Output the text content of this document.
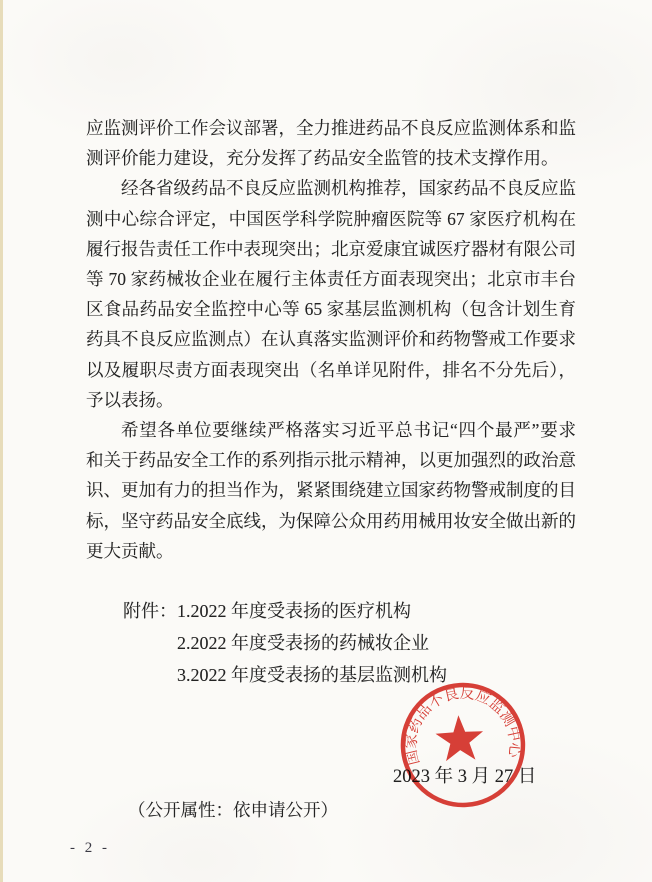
应监测评价工作会议部署，全力推进药品不良反应监测体系和监
测评价能力建设，充分发挥了药品安全监管的技术支撑作用。
经各省级药品不良反应监测机构推荐，国家药品不良反应监
测中心综合评定，中国医学科学院肿瘤医院等 67 家医疗机构在
履行报告责任工作中表现突出；北京爱康宜诚医疗器材有限公司
等 70 家药械妆企业在履行主体责任方面表现突出；北京市丰台
区食品药品安全监控中心等 65 家基层监测机构（包含计划生育
药具不良反应监测点）在认真落实监测评价和药物警戒工作要求
以及履职尽责方面表现突出（名单详见附件，排名不分先后），
予以表扬。
希望各单位要继续严格落实习近平总书记“四个最严”要求
和关于药品安全工作的系列指示批示精神，以更加强烈的政治意
识、更加有力的担当作为，紧紧围绕建立国家药物警戒制度的目
标，坚守药品安全底线，为保障公众用药用械用妆安全做出新的
更大贡献。
附件： 1.2022 年度受表扬的医疗机构
2.2022 年度受表扬的药械妆企业
3.2022 年度受表扬的基层监测机构
国家药品不良反应监测中心
2023 年 3 月 27 日
（公开属性：依申请公开）
- 2 -
